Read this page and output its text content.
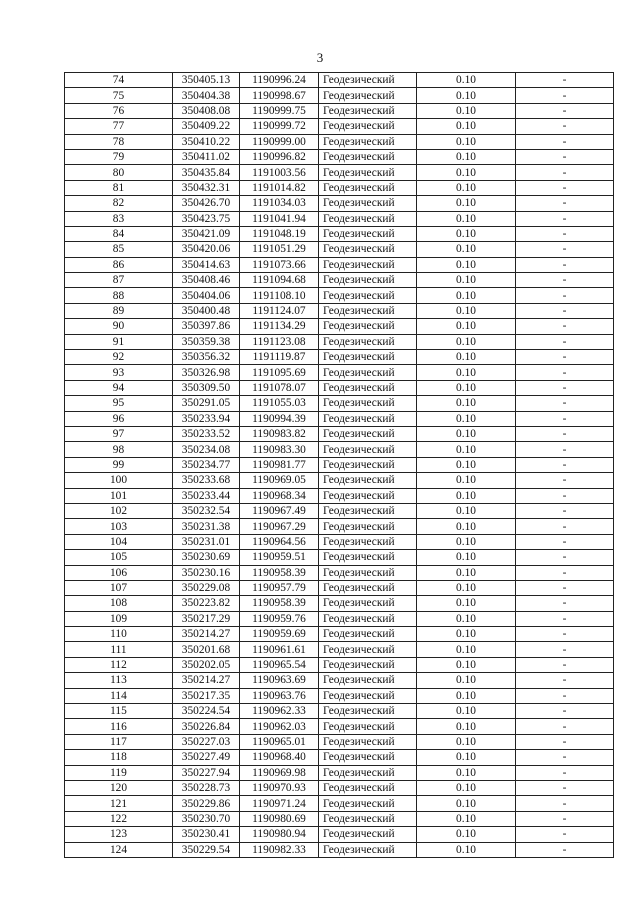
3
74	350405.13	1190996.24	Геодезический	0.10	-
75	350404.38	1190998.67	Геодезический	0.10	-
76	350408.08	1190999.75	Геодезический	0.10	-
77	350409.22	1190999.72	Геодезический	0.10	-
78	350410.22	1190999.00	Геодезический	0.10	-
79	350411.02	1190996.82	Геодезический	0.10	-
80	350435.84	1191003.56	Геодезический	0.10	-
81	350432.31	1191014.82	Геодезический	0.10	-
82	350426.70	1191034.03	Геодезический	0.10	-
83	350423.75	1191041.94	Геодезический	0.10	-
84	350421.09	1191048.19	Геодезический	0.10	-
85	350420.06	1191051.29	Геодезический	0.10	-
86	350414.63	1191073.66	Геодезический	0.10	-
87	350408.46	1191094.68	Геодезический	0.10	-
88	350404.06	1191108.10	Геодезический	0.10	-
89	350400.48	1191124.07	Геодезический	0.10	-
90	350397.86	1191134.29	Геодезический	0.10	-
91	350359.38	1191123.08	Геодезический	0.10	-
92	350356.32	1191119.87	Геодезический	0.10	-
93	350326.98	1191095.69	Геодезический	0.10	-
94	350309.50	1191078.07	Геодезический	0.10	-
95	350291.05	1191055.03	Геодезический	0.10	-
96	350233.94	1190994.39	Геодезический	0.10	-
97	350233.52	1190983.82	Геодезический	0.10	-
98	350234.08	1190983.30	Геодезический	0.10	-
99	350234.77	1190981.77	Геодезический	0.10	-
100	350233.68	1190969.05	Геодезический	0.10	-
101	350233.44	1190968.34	Геодезический	0.10	-
102	350232.54	1190967.49	Геодезический	0.10	-
103	350231.38	1190967.29	Геодезический	0.10	-
104	350231.01	1190964.56	Геодезический	0.10	-
105	350230.69	1190959.51	Геодезический	0.10	-
106	350230.16	1190958.39	Геодезический	0.10	-
107	350229.08	1190957.79	Геодезический	0.10	-
108	350223.82	1190958.39	Геодезический	0.10	-
109	350217.29	1190959.76	Геодезический	0.10	-
110	350214.27	1190959.69	Геодезический	0.10	-
111	350201.68	1190961.61	Геодезический	0.10	-
112	350202.05	1190965.54	Геодезический	0.10	-
113	350214.27	1190963.69	Геодезический	0.10	-
114	350217.35	1190963.76	Геодезический	0.10	-
115	350224.54	1190962.33	Геодезический	0.10	-
116	350226.84	1190962.03	Геодезический	0.10	-
117	350227.03	1190965.01	Геодезический	0.10	-
118	350227.49	1190968.40	Геодезический	0.10	-
119	350227.94	1190969.98	Геодезический	0.10	-
120	350228.73	1190970.93	Геодезический	0.10	-
121	350229.86	1190971.24	Геодезический	0.10	-
122	350230.70	1190980.69	Геодезический	0.10	-
123	350230.41	1190980.94	Геодезический	0.10	-
124	350229.54	1190982.33	Геодезический	0.10	-
